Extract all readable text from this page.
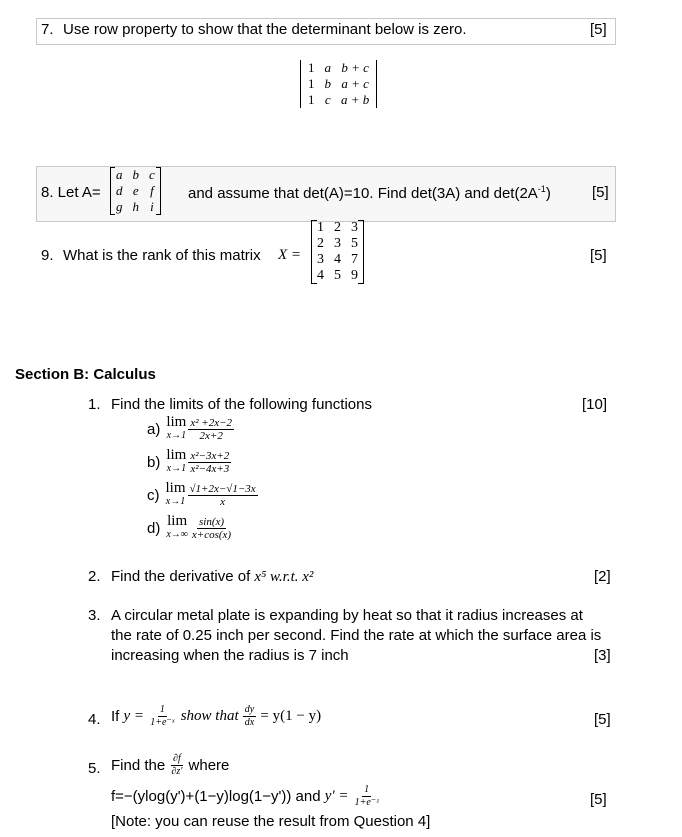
7. Use row property to show that the determinant below is zero.	[5]
1	a	b + c
1	b	a + c
1	c	a + b
8. Let A=
a	b	c
d	e	f
g	h	i
and assume that det(A)=10. Find det(3A) and $\det(2A^{-1})$	[5]
9. What is the rank of this matrix X =
1	2	3
2	3	5
3	4	7
4	5	9
[5]
Section B: Calculus
1. Find the limits of the following functions	[10]
a) lim
$x\to 1 \frac{\text{x² +2x−2}}{2x+2}$
b) lim
$x\to 1 \frac{\text{x²−3x+2}}{\text{x²−4x+3}}$
c) lim
$x\to 1 \frac{√1+2x-√1-3x}{x}$
d) lim
$x\to\infty \frac{\sin(x)}{x+\cos(x)}$
2. Find the derivative of x⁵ w.r.t. x²	[2]
3. A circular metal plate is expanding by heat so that it radius increases at
the rate of 0.25 inch per second. Find the rate at which the surface area is
increasing when the radius is 7 inch	[3]
4. If
y =
$\frac{1}{\text{1+e⁻ˣ}}$
show that
$\frac{dy}{dx}$
= y(1 − y)	[5]
5. Find the
$\frac{\partial f}{\partial z'}$
where
f=−(ylog(y')+(1−y)log(1−y')) and
y' =
$\frac{1}{\text{1+e⁻ᶻ}}$	[5]
[Note: you can reuse the result from Question 4]
